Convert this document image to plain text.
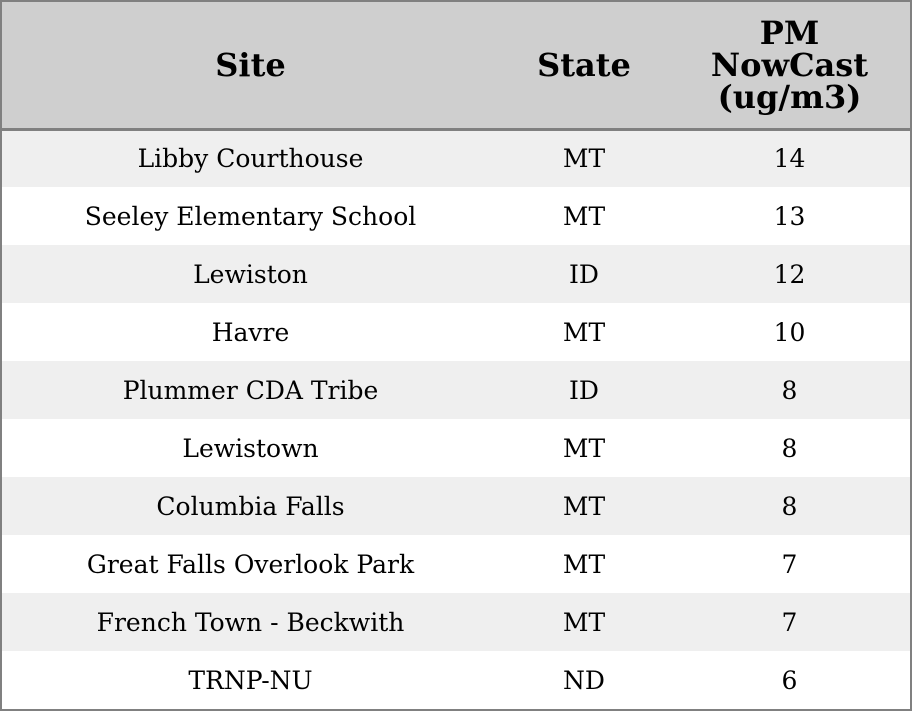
Site	State	PM
NowCast
(ug/m3)

Libby Courthouse	MT	14
Seeley Elementary School	MT	13
Lewiston	ID	12
Havre	MT	10
Plummer CDA Tribe	ID	8
Lewistown	MT	8
Columbia Falls	MT	8
Great Falls Overlook Park	MT	7
French Town - Beckwith	MT	7
TRNP-NU	ND	6
